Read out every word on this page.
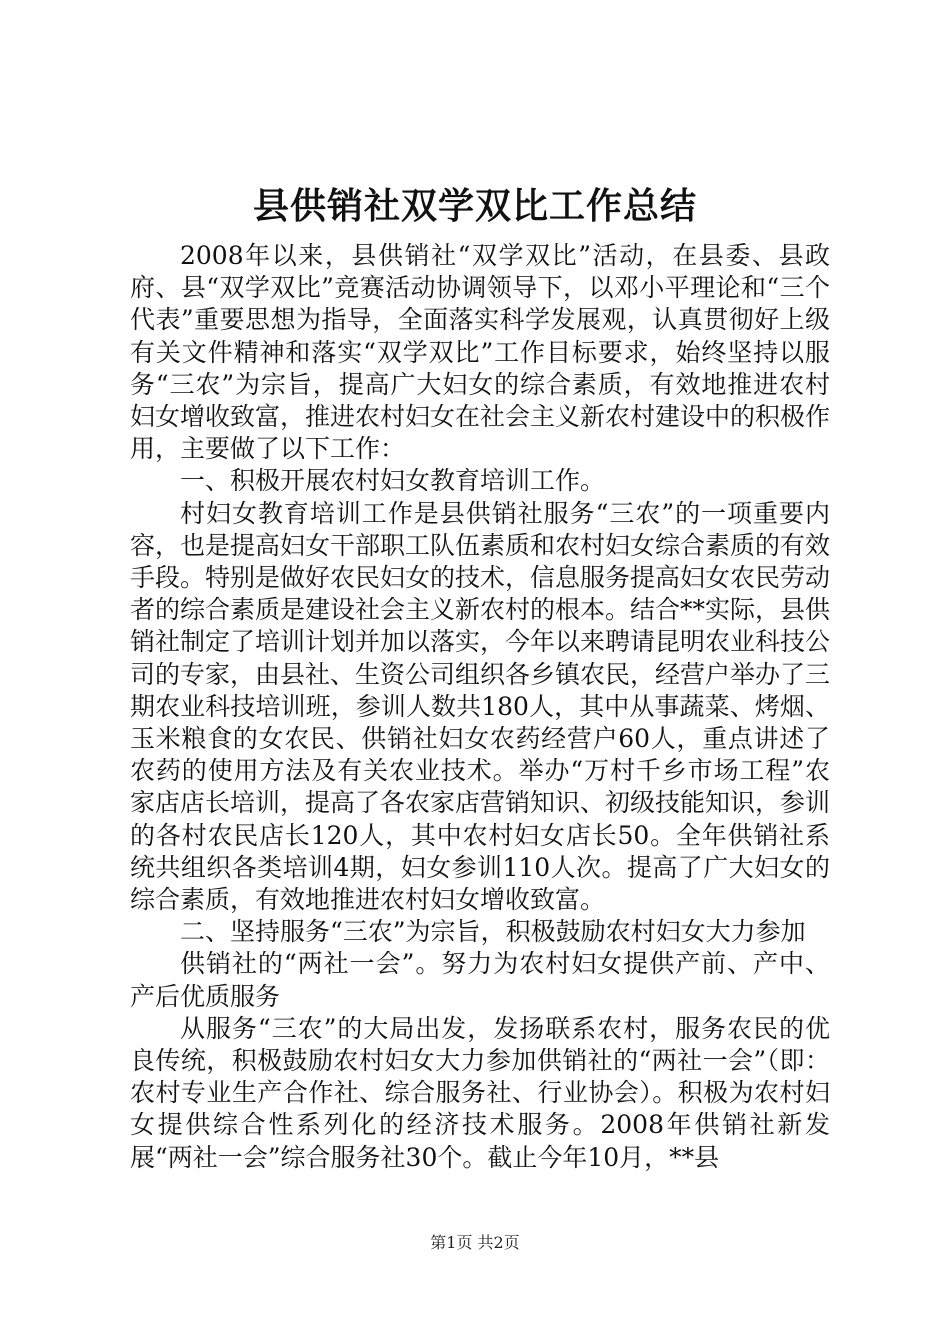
县供销社双学双比工作总结

2008年以来，县供销社“双学双比”活动，在县委、县政府、县“双学双比”竞赛活动协调领导下，以邓小平理论和“三个代表”重要思想为指导，全面落实科学发展观，认真贯彻好上级有关文件精神和落实“双学双比”工作目标要求，始终坚持以服务“三农”为宗旨，提高广大妇女的综合素质，有效地推进农村妇女增收致富，推进农村妇女在社会主义新农村建设中的积极作用，主要做了以下工作：

一、积极开展农村妇女教育培训工作。

村妇女教育培训工作是县供销社服务“三农”的一项重要内容，也是提高妇女干部职工队伍素质和农村妇女综合素质的有效手段。特别是做好农民妇女的技术，信息服务提高妇女农民劳动者的综合素质是建设社会主义新农村的根本。结合**实际，县供销社制定了培训计划并加以落实，今年以来聘请昆明农业科技公司的专家，由县社、生资公司组织各乡镇农民，经营户举办了三期农业科技培训班，参训人数共180人，其中从事蔬菜、烤烟、玉米粮食的女农民、供销社妇女农药经营户60人，重点讲述了农药的使用方法及有关农业技术。举办“万村千乡市场工程”农家店店长培训，提高了各农家店营销知识、初级技能知识，参训的各村农民店长120人，其中农村妇女店长50。全年供销社系统共组织各类培训4期，妇女参训110人次。提高了广大妇女的综合素质，有效地推进农村妇女增收致富。

二、坚持服务“三农”为宗旨，积极鼓励农村妇女大力参加

供销社的“两社一会”。努力为农村妇女提供产前、产中、产后优质服务

从服务“三农”的大局出发，发扬联系农村，服务农民的优良传统，积极鼓励农村妇女大力参加供销社的“两社一会”（即：农村专业生产合作社、综合服务社、行业协会）。积极为农村妇女提供综合性系列化的经济技术服务。2008年供销社新发展“两社一会”综合服务社30个。截止今年10月，**县

第1页 共2页
